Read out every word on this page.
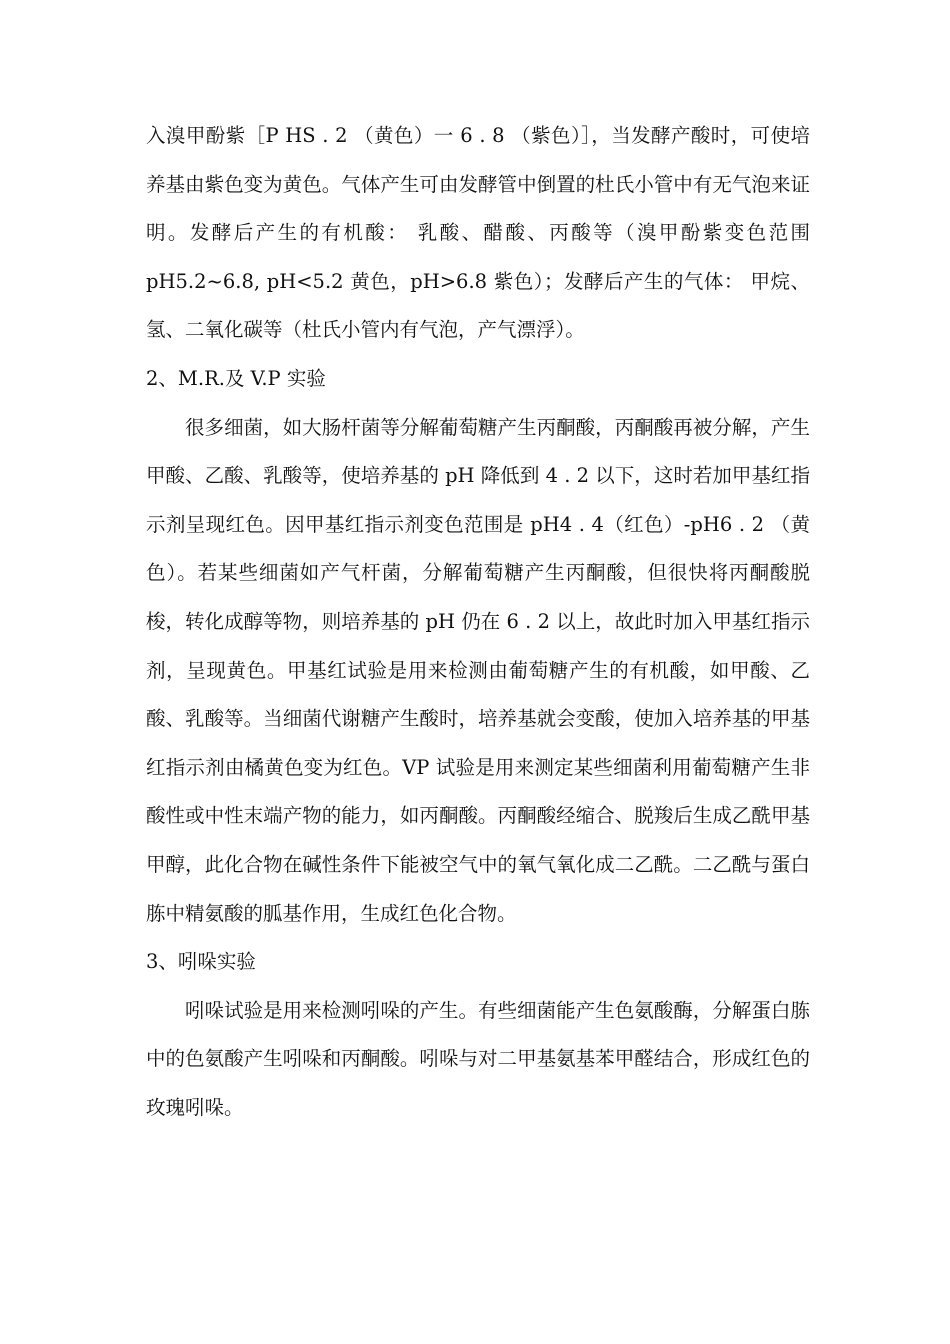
入溴甲酚紫［P HS . 2 （黄色）一 6 . 8 （紫色）］，当发酵产酸时，可使培养基由紫色变为黄色。气体产生可由发酵管中倒置的杜氏小管中有无气泡来证明。发酵后产生的有机酸： 乳酸、醋酸、丙酸等（溴甲酚紫变色范围 pH5.2~6.8, pH<5.2 黄色，pH>6.8 紫色）；发酵后产生的气体： 甲烷、氢、二氧化碳等（杜氏小管内有气泡，产气漂浮）。

2、M.R.及 V.P 实验

很多细菌，如大肠杆菌等分解葡萄糖产生丙酮酸，丙酮酸再被分解，产生甲酸、乙酸、乳酸等，使培养基的 pH 降低到 4 . 2 以下，这时若加甲基红指示剂呈现红色。因甲基红指示剂变色范围是 pH4 . 4（红色）-pH6 . 2 （黄色）。若某些细菌如产气杆菌，分解葡萄糖产生丙酮酸，但很快将丙酮酸脱梭，转化成醇等物，则培养基的 pH 仍在 6 . 2 以上，故此时加入甲基红指示剂，呈现黄色。甲基红试验是用来检测由葡萄糖产生的有机酸，如甲酸、乙酸、乳酸等。当细菌代谢糖产生酸时，培养基就会变酸，使加入培养基的甲基红指示剂由橘黄色变为红色。VP 试验是用来测定某些细菌利用葡萄糖产生非酸性或中性末端产物的能力，如丙酮酸。丙酮酸经缩合、脱羧后生成乙酰甲基甲醇，此化合物在碱性条件下能被空气中的氧气氧化成二乙酰。二乙酰与蛋白胨中精氨酸的胍基作用，生成红色化合物。

3、吲哚实验

吲哚试验是用来检测吲哚的产生。有些细菌能产生色氨酸酶，分解蛋白胨中的色氨酸产生吲哚和丙酮酸。吲哚与对二甲基氨基苯甲醛结合，形成红色的玫瑰吲哚。
